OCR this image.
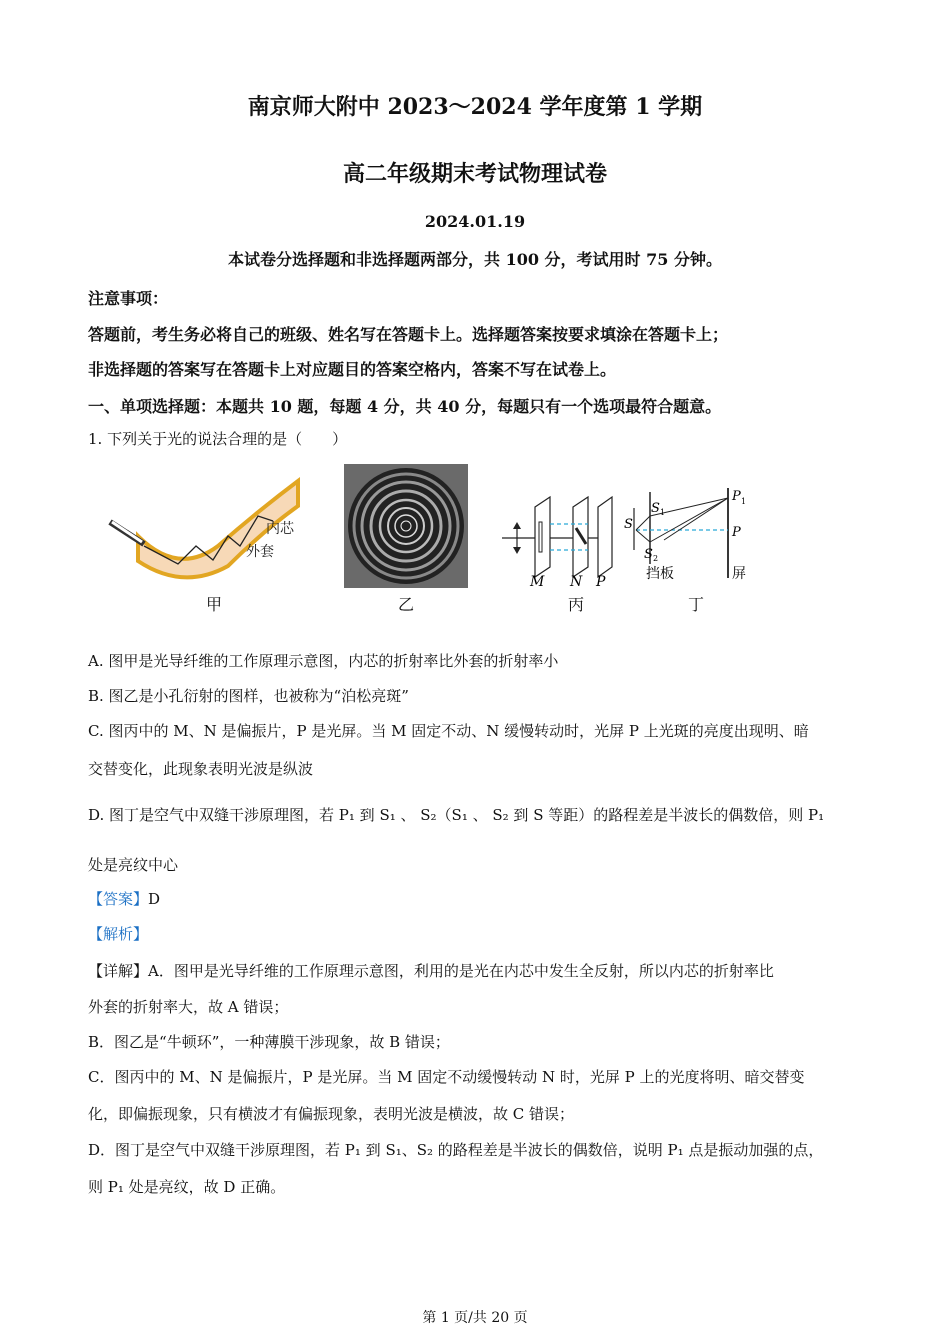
南京师大附中 2023～2024 学年度第 1 学期
高二年级期末考试物理试卷
2024.01.19
本试卷分选择题和非选择题两部分，共 100 分，考试用时 75 分钟。
注意事项：
答题前，考生务必将自己的班级、姓名写在答题卡上。选择题答案按要求填涂在答题卡上；
非选择题的答案写在答题卡上对应题目的答案空格内，答案不写在试卷上。
一、单项选择题：本题共 10 题，每题 4 分，共 40 分，每题只有一个选项最符合题意。
1. 下列关于光的说法合理的是（　　）
内芯
外套
甲	乙
M N P
丙
S
S 1
S 2
P 1
P
挡板	屏
丁
A. 图甲是光导纤维的工作原理示意图，内芯的折射率比外套的折射率小
B. 图乙是小孔衍射的图样，也被称为“泊松亮斑”
C. 图丙中的 M、N 是偏振片，P 是光屏。当 M 固定不动、N 缓慢转动时，光屏 P 上光斑的亮度出现明、暗
交替变化，此现象表明光波是纵波
D. 图丁是空气中双缝干涉原理图，若 P₁ 到 S₁ 、 S₂（S₁ 、 S₂ 到 S 等距）的路程差是半波长的偶数倍，则 P₁
处是亮纹中心
【答案】D
【解析】
【详解】A．图甲是光导纤维的工作原理示意图，利用的是光在内芯中发生全反射，所以内芯的折射率比
外套的折射率大，故 A 错误；
B．图乙是“牛顿环”，一种薄膜干涉现象，故 B 错误；
C．图丙中的 M、N 是偏振片，P 是光屏。当 M 固定不动缓慢转动 N 时，光屏 P 上的光度将明、暗交替变
化，即偏振现象，只有横波才有偏振现象，表明光波是横波，故 C 错误；
D．图丁是空气中双缝干涉原理图，若 P₁ 到 S₁、S₂ 的路程差是半波长的偶数倍，说明 P₁ 点是振动加强的点，
则 P₁ 处是亮纹，故 D 正确。
第 1 页/共 20 页
